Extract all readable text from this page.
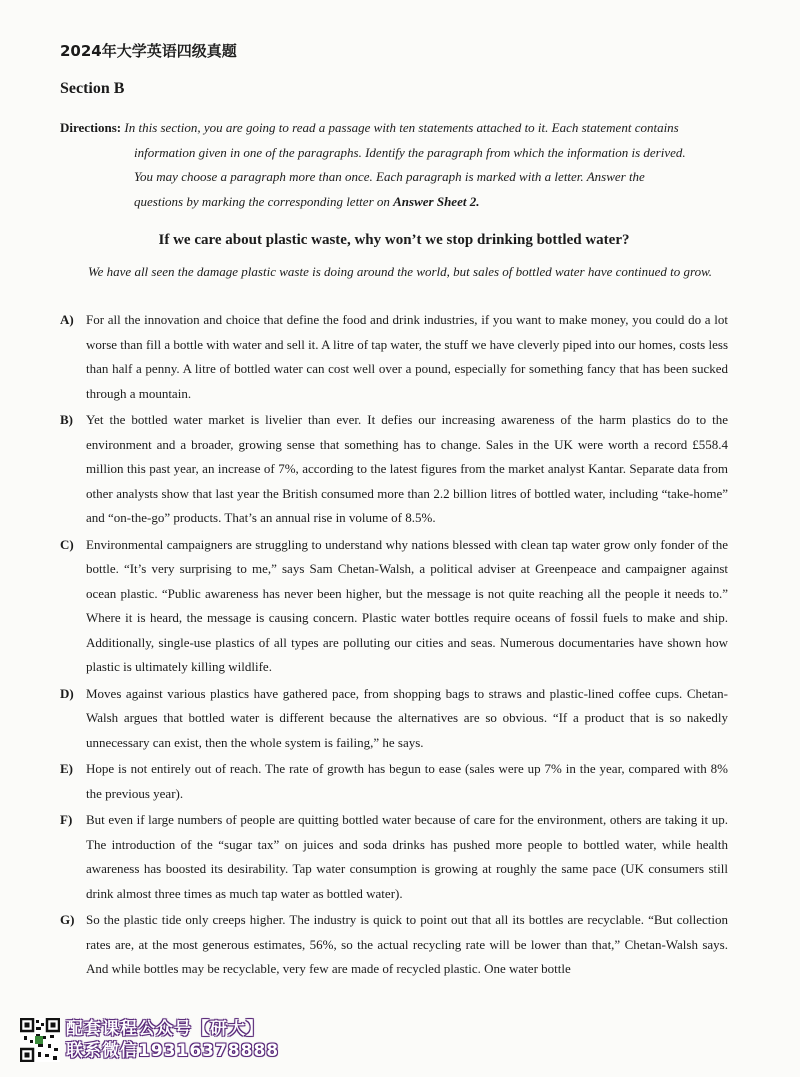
2024年大学英语四级真题
Section B
Directions: In this section, you are going to read a passage with ten statements attached to it. Each statement contains
information given in one of the paragraphs. Identify the paragraph from which the information is derived.
You may choose a paragraph more than once. Each paragraph is marked with a letter. Answer the
questions by marking the corresponding letter on Answer Sheet 2.
If we care about plastic waste, why won’t we stop drinking bottled water?
We have all seen the damage plastic waste is doing around the world, but sales of bottled water have continued to grow.
A) For all the innovation and choice that define the food and drink industries, if you want to make money, you could do a lot worse than fill a bottle with water and sell it. A litre of tap water, the stuff we have cleverly piped into our homes, costs less than half a penny. A litre of bottled water can cost well over a pound, especially for something fancy that has been sucked through a mountain.
B)	Yet the bottled water market is livelier than ever. It defies our increasing awareness of the harm plastics do to the environment and a broader, growing sense that something has to change. Sales in the UK were worth a record £558.4 million this past year, an increase of 7%, according to the latest figures from the market analyst Kantar. Separate data from other analysts show that last year the British consumed more than 2.2 billion litres of bottled water, including “take-home” and “on-the-go” products. That’s an annual rise in volume of 8.5%.
C) Environmental campaigners are struggling to understand why nations blessed with clean tap water grow only fonder of the bottle. “It’s very surprising to me,” says Sam Chetan-Walsh, a political adviser at Greenpeace and campaigner against ocean plastic. “Public awareness has never been higher, but the message is not quite reaching all the people it needs to.” Where it is heard, the message is causing concern. Plastic water bottles require oceans of fossil fuels to make and ship. Additionally, single-use plastics of all types are polluting our cities and seas. Numerous documentaries have shown how plastic is ultimately killing wildlife.
D) Moves against various plastics have gathered pace, from shopping bags to straws and plastic-lined coffee cups. Chetan-Walsh argues that bottled water is different because the alternatives are so obvious. “If a product that is so nakedly unnecessary can exist, then the whole system is failing,” he says.
E)	Hope is not entirely out of reach. The rate of growth has begun to ease (sales were up 7% in the year, compared with 8% the previous year).
F)	But even if large numbers of people are quitting bottled water because of care for the environment, others are taking it up. The introduction of the “sugar tax” on juices and soda drinks has pushed more people to bottled water, while health awareness has boosted its desirability. Tap water consumption is growing at roughly the same pace (UK consumers still drink almost three times as much tap water as bottled water).
G) So the plastic tide only creeps higher. The industry is quick to point out that all its bottles are recyclable. “But collection rates are, at the most generous estimates, 56%, so the actual recycling rate will be lower than that,” Chetan-Walsh says. And while bottles may be recyclable, very few are made of recycled plastic. One water bottle
配套课程公众号【研大】
联系微信19316378888
